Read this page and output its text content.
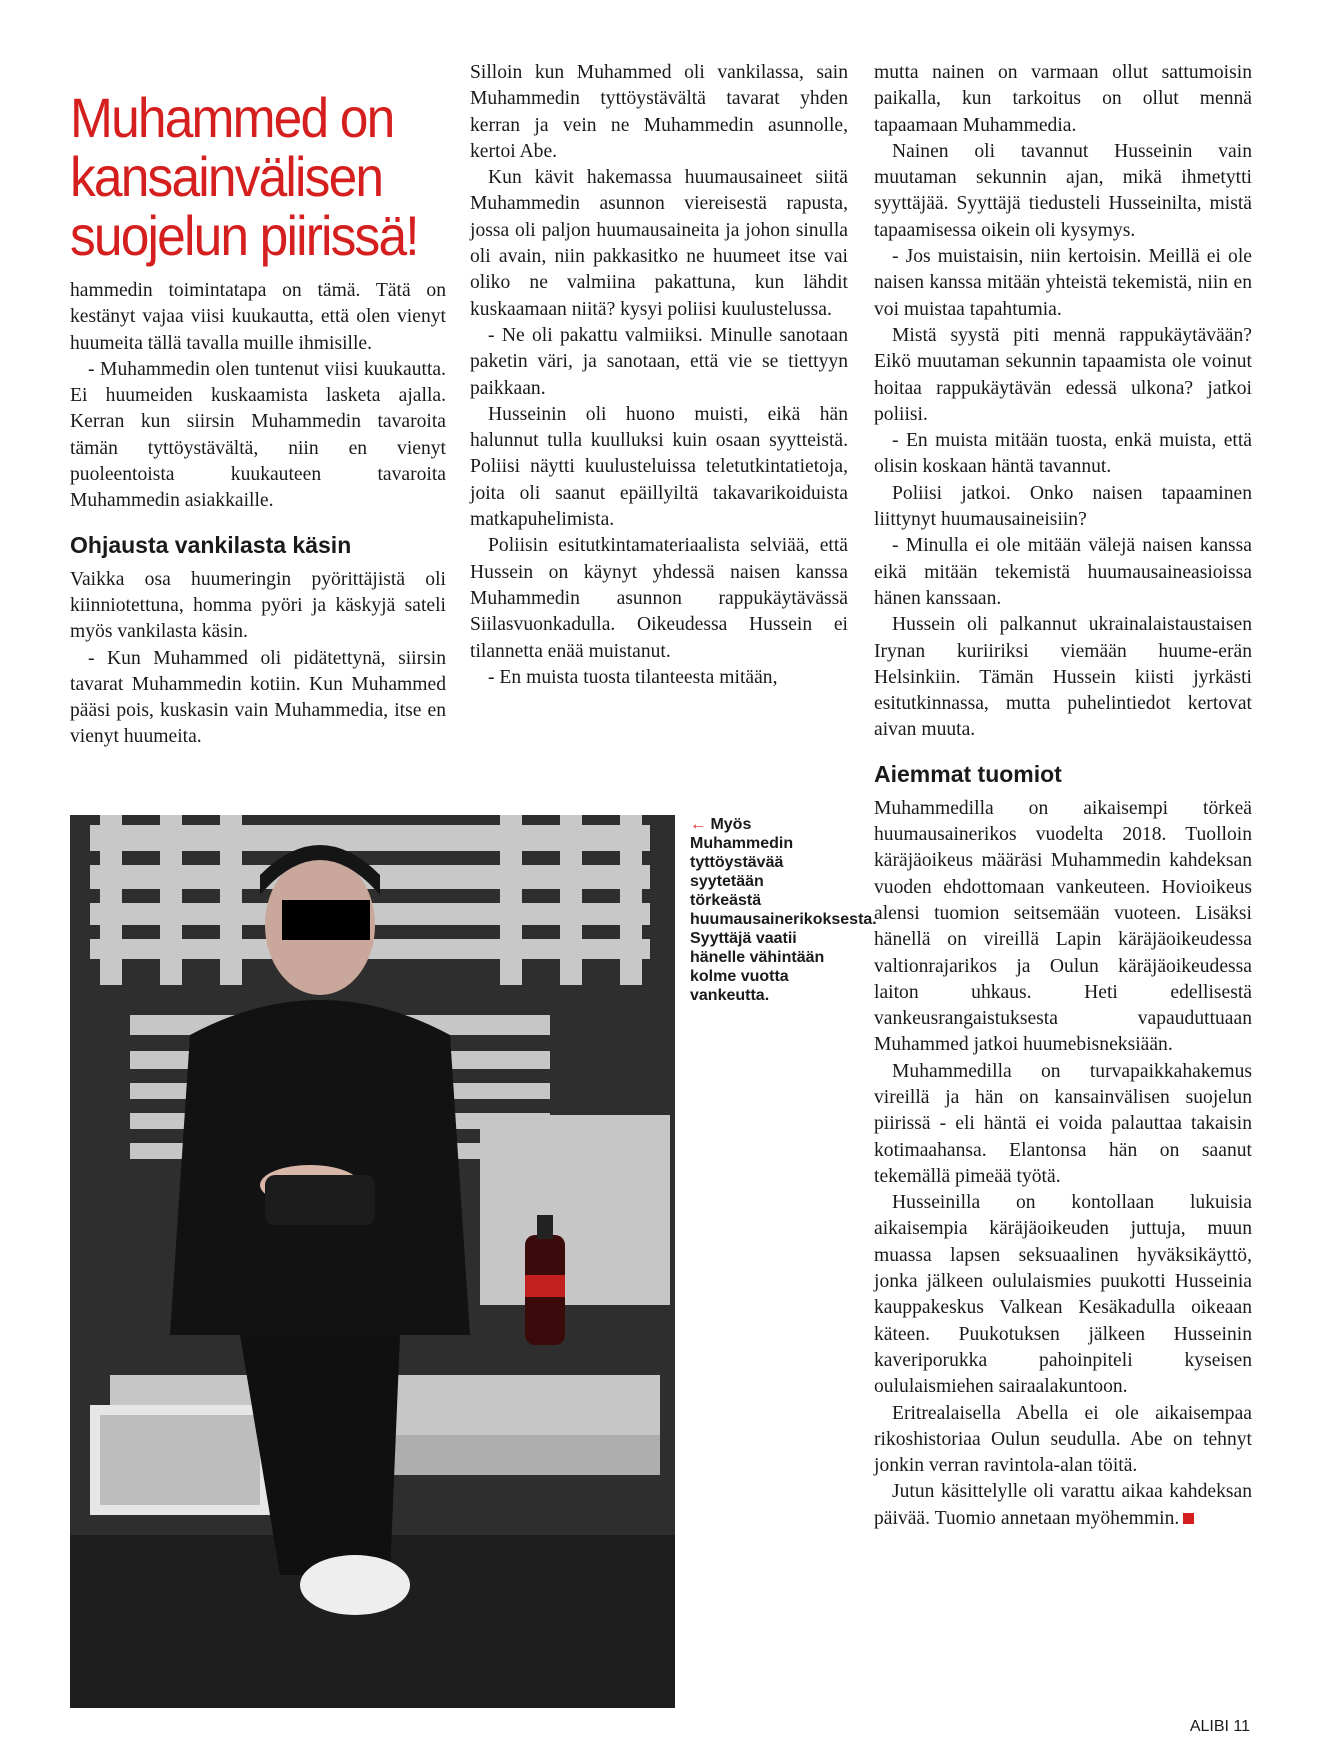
Muhammed on kansainvälisen suojelun piirissä!

hammedin toimintatapa on tämä. Tätä on kestänyt vajaa viisi kuukautta, että olen vienyt huumeita tällä tavalla muille ihmisille.

- Muhammedin olen tuntenut viisi kuukautta. Ei huumeiden kuskaamista lasketa ajalla. Kerran kun siirsin Muhammedin tavaroita tämän tyttöystävältä, niin en vienyt puoleentoista kuukauteen tavaroita Muhammedin asiakkaille.

Ohjausta vankilasta käsin

Vaikka osa huumeringin pyörittäjistä oli kiinniotettuna, homma pyöri ja käskyjä sateli myös vankilasta käsin.

- Kun Muhammed oli pidätettynä, siirsin tavarat Muhammedin kotiin. Kun Muhammed pääsi pois, kuskasin vain Muhammedia, itse en vienyt huumeita.

Silloin kun Muhammed oli vankilassa, sain Muhammedin tyttöystävältä tavarat yhden kerran ja vein ne Muhammedin asunnolle, kertoi Abe.

Kun kävit hakemassa huumausaineet siitä Muhammedin asunnon viereisestä rapusta, jossa oli paljon huumausaineita ja johon sinulla oli avain, niin pakkasitko ne huumeet itse vai oliko ne valmiina pakattuna, kun lähdit kuskaamaan niitä? kysyi poliisi kuulustelussa.

- Ne oli pakattu valmiiksi. Minulle sanotaan paketin väri, ja sanotaan, että vie se tiettyyn paikkaan.

Husseinin oli huono muisti, eikä hän halunnut tulla kuulluksi kuin osaan syytteistä. Poliisi näytti kuulusteluissa teletutkintatietoja, joita oli saanut epäillyiltä takavarikoiduista matkapuhelimista.

Poliisin esitutkintamateriaalista selviää, että Hussein on käynyt yhdessä naisen kanssa Muhammedin asunnon rappukäytävässä Siilasvuonkadulla. Oikeudessa Hussein ei tilannetta enää muistanut.

- En muista tuosta tilanteesta mitään,

mutta nainen on varmaan ollut sattumoisin paikalla, kun tarkoitus on ollut mennä tapaamaan Muhammedia.

Nainen oli tavannut Husseinin vain muutaman sekunnin ajan, mikä ihmetytti syyttäjää. Syyttäjä tiedusteli Husseinilta, mistä tapaamisessa oikein oli kysymys.

- Jos muistaisin, niin kertoisin. Meillä ei ole naisen kanssa mitään yhteistä tekemistä, niin en voi muistaa tapahtumia.

Mistä syystä piti mennä rappukäytävään? Eikö muutaman sekunnin tapaamista ole voinut hoitaa rappukäytävän edessä ulkona? jatkoi poliisi.

- En muista mitään tuosta, enkä muista, että olisin koskaan häntä tavannut.

Poliisi jatkoi. Onko naisen tapaaminen liittynyt huumausaineisiin?

- Minulla ei ole mitään välejä naisen kanssa eikä mitään tekemistä huumausaineasioissa hänen kanssaan.

Hussein oli palkannut ukrainalaistaustaisen Irynan kuriiriksi viemään huume-erän Helsinkiin. Tämän Hussein kiisti jyrkästi esitutkinnassa, mutta puhelintiedot kertovat aivan muuta.

Aiemmat tuomiot

Muhammedilla on aikaisempi törkeä huumausainerikos vuodelta 2018. Tuolloin käräjäoikeus määräsi Muhammedin kahdeksan vuoden ehdottomaan vankeuteen. Hovioikeus alensi tuomion seitsemään vuoteen. Lisäksi hänellä on vireillä Lapin käräjäoikeudessa valtionrajarikos ja Oulun käräjäoikeudessa laiton uhkaus. Heti edellisestä vankeusrangaistuksesta vapauduttuaan Muhammed jatkoi huumebisneksiään.

Muhammedilla on turvapaikkahakemus vireillä ja hän on kansainvälisen suojelun piirissä - eli häntä ei voida palauttaa takaisin kotimaahansa. Elantonsa hän on saanut tekemällä pimeää työtä.

Husseinilla on kontollaan lukuisia aikaisempia käräjäoikeuden juttuja, muun muassa lapsen seksuaalinen hyväksikäyttö, jonka jälkeen oululaismies puukotti Husseinia kauppakeskus Valkean Kesäkadulla oikeaan käteen. Puukotuksen jälkeen Husseinin kaveriporukka pahoinpiteli kyseisen oululaismiehen sairaalakuntoon.

Eritrealaisella Abella ei ole aikaisempaa rikoshistoriaa Oulun seudulla. Abe on tehnyt jonkin verran ravintola-alan töitä.

Jutun käsittelylle oli varattu aikaa kahdeksan päivää. Tuomio annetaan myöhemmin.

← Myös Muhammedin tyttöystävää syytetään törkeästä huumausainerikoksesta. Syyttäjä vaatii hänelle vähintään kolme vuotta vankeutta.
ALIBI 11
